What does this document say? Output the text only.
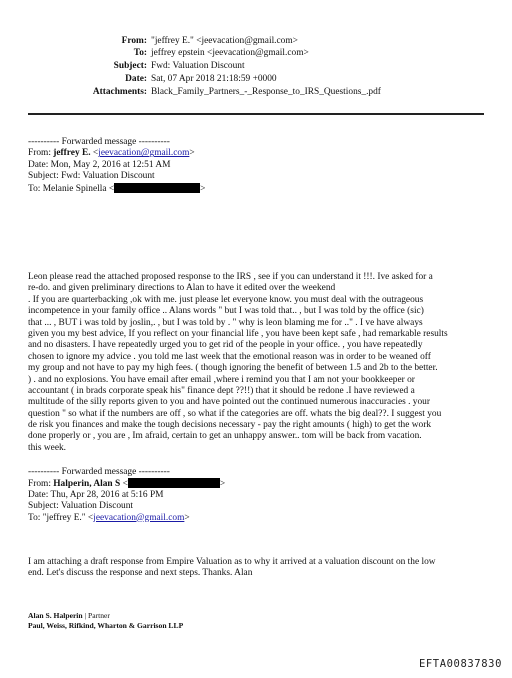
From: "jeffrey E." <jeevacation@gmail.com>
To: jeffrey epstein <jeevacation@gmail.com>
Subject: Fwd: Valuation Discount
Date: Sat, 07 Apr 2018 21:18:59 +0000
Attachments: Black_Family_Partners_-_Response_to_IRS_Questions_.pdf
---------- Forwarded message ----------
From: jeffrey E. <jeevacation@gmail.com>
Date: Mon, May 2, 2016 at 12:51 AM
Subject: Fwd: Valuation Discount
To: Melanie Spinella <	>
Leon please read the attached proposed response to the IRS , see if you can understand it !!!. Ive asked for a
re-do. and given preliminary directions to Alan to have it edited over the weekend
. If you are quarterbacking ,ok with me. just please let everyone know. you must deal with the outrageous
incompetence in your family office .. Alans words " but I was told that.. , but I was told by the office (sic)
that ... , BUT i was told by joslin,. , but I was told by . " why is leon blaming me for .." . I ve have always
given you my best advice, If you reflect on your financial life , you have been kept safe , had remarkable results
and no disasters. I have repeatedly urged you to get rid of the people in your office. , you have repeatedly
chosen to ignore my advice . you told me last week that the emotional reason was in order to be weaned off
my group and not have to pay my high fees. ( though ignoring the benefit of between 1.5 and 2b to the better.
) . and no explosions. You have email after email ,where i remind you that I am not your bookkeeper or
accountant ( in brads corporate speak his" finance dept ??!!) that it should be redone .I have reviewed a
multitude of the silly reports given to you and have pointed out the continued numerous inaccuracies . your
question " so what if the numbers are off , so what if the categories are off. whats the big deal??. I suggest you
de risk you finances and make the tough decisions necessary - pay the right amounts ( high) to get the work
done properly or , you are , Im afraid, certain to get an unhappy answer.. tom will be back from vacation.
this week.
---------- Forwarded message ----------
From: Halperin, Alan S <	>
Date: Thu, Apr 28, 2016 at 5:16 PM
Subject: Valuation Discount
To: "jeffrey E." <jeevacation@gmail.com>
I am attaching a draft response from Empire Valuation as to why it arrived at a valuation discount on the low
end. Let's discuss the response and next steps. Thanks. Alan
Alan S. Halperin | Partner
Paul, Weiss, Rifkind, Wharton & Garrison LLP
EFTA00837830
